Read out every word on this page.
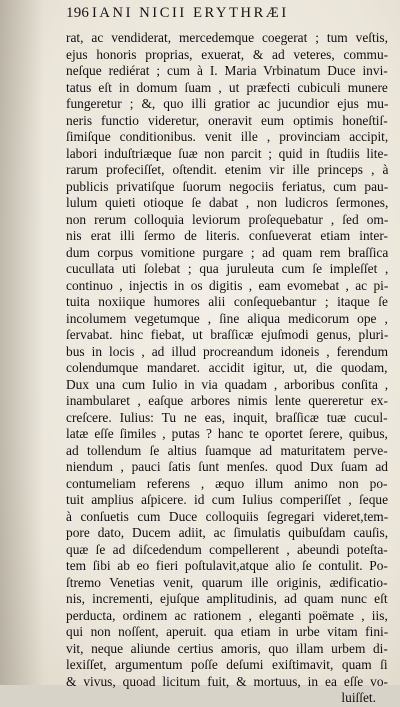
196 IANI NICII ERYTHRÆI
rat, ac vendiderat, mercedemque coegerat ; tum veſtis,
ejus honoris proprias, exuerat, & ad veteres, commu-
neſque rediérat ; cum à I. Maria Vrbinatum Duce invi-
tatus eſt in domum ſuam , ut præfecti cubiculi munere
fungeretur ; &, quo illi gratior ac jucundior ejus mu-
neris functio videretur, oneravit eum optimis honeſtiſ-
ſimiſque conditionibus. venit ille , provinciam accipit,
labori induſtriæque ſuæ non parcit ; quid in ſtudiis lite-
rarum profeciſſet, oſtendit. etenim vir ille princeps , à
publicis privatiſque ſuorum negociis feriatus, cum pau-
lulum quieti otioque ſe dabat , non ludicros ſermones,
non rerum colloquia leviorum proſequebatur , ſed om-
nis erat illi ſermo de literis. conſueverat etiam inter-
dum corpus vomitione purgare ; ad quam rem braſſica
cucullata uti ſolebat ; qua juruleuta cum ſe impleſſet ,
continuo , injectis in os digitis , eam evomebat , ac pi-
tuita noxiique humores alii conſequebantur ; itaque ſe
incolumem vegetumque , ſine aliqua medicorum ope ,
ſervabat. hinc fiebat, ut braſſicæ ejuſmodi genus, pluri-
bus in locis , ad illud procreandum idoneis , ferendum
colendumque mandaret. accidit igitur, ut, die quodam,
Dux una cum Iulio in via quadam , arboribus conſita ,
inambularet , eaſque arbores nimis lente quereretur ex-
creſcere. Iulius: Tu ne eas, inquit, braſſicæ tuæ cucul-
latæ eſſe ſimiles , putas ? hanc te oportet ſerere, quibus,
ad tollendum ſe altius ſuamque ad maturitatem perve-
niendum , pauci ſatis ſunt menſes. quod Dux ſuam ad
contumeliam referens , æquo illum animo non po-
tuit amplius aſpicere. id cum Iulius comperiſſet , ſeque
à conſuetis cum Duce colloquiis ſegregari videret,tem-
pore dato, Ducem adiit, ac ſimulatis quibuſdam cauſis,
quæ ſe ad diſcedendum compellerent , abeundi poteſta-
tem ſibi ab eo fieri poſtulavit,atque alio ſe contulit. Po-
ſtremo Venetias venit, quarum ille originis, ædificatio-
nis, incrementi, ejuſque amplitudinis, ad quam nunc eſt
perducta, ordinem ac rationem , eleganti poëmate , iis,
qui non noſſent, aperuit. qua etiam in urbe vitam fini-
vit, neque aliunde certius amoris, quo illam urbem di-
lexiſſet, argumentum poſſe deſumi exiſtimavit, quam ſi
& vivus, quoad licitum fuit, & mortuus, in ea eſſe vo-
luiſſet.
